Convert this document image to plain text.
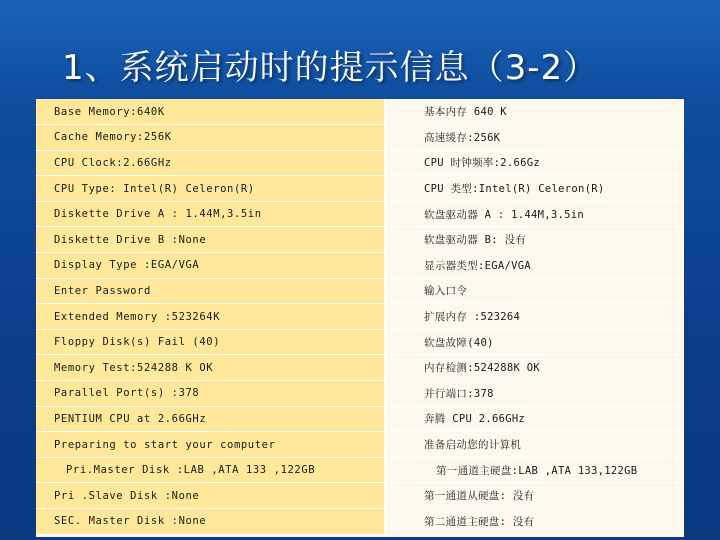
1、系统启动时的提示信息（3-2）
Base Memory:640K	基本内存 640 K
Cache Memory:256K	高速缓存:256K
CPU Clock:2.66GHz	CPU 时钟频率:2.66Gz
CPU Type: Intel(R) Celeron(R)	CPU 类型:Intel(R) Celeron(R)
Diskette Drive A : 1.44M,3.5in	软盘驱动器 A : 1.44M,3.5in
Diskette Drive B :None	软盘驱动器 B: 没有
Display Type :EGA/VGA	显示器类型:EGA/VGA
Enter Password	输入口令
Extended Memory :523264K	扩展内存 :523264
Floppy Disk(s) Fail (40)	软盘故障(40)
Memory Test:524288 K OK	内存检测:524288K OK
Parallel Port(s) :378	并行端口:378
PENTIUM CPU at 2.66GHz	奔腾 CPU 2.66GHz
Preparing to start your computer	准备启动您的计算机
Pri.Master Disk :LAB ,ATA 133 ,122GB	第一通道主硬盘:LAB ,ATA 133,122GB
Pri .Slave Disk :None	第一通道从硬盘: 没有
SEC. Master Disk :None	第二通道主硬盘: 没有
